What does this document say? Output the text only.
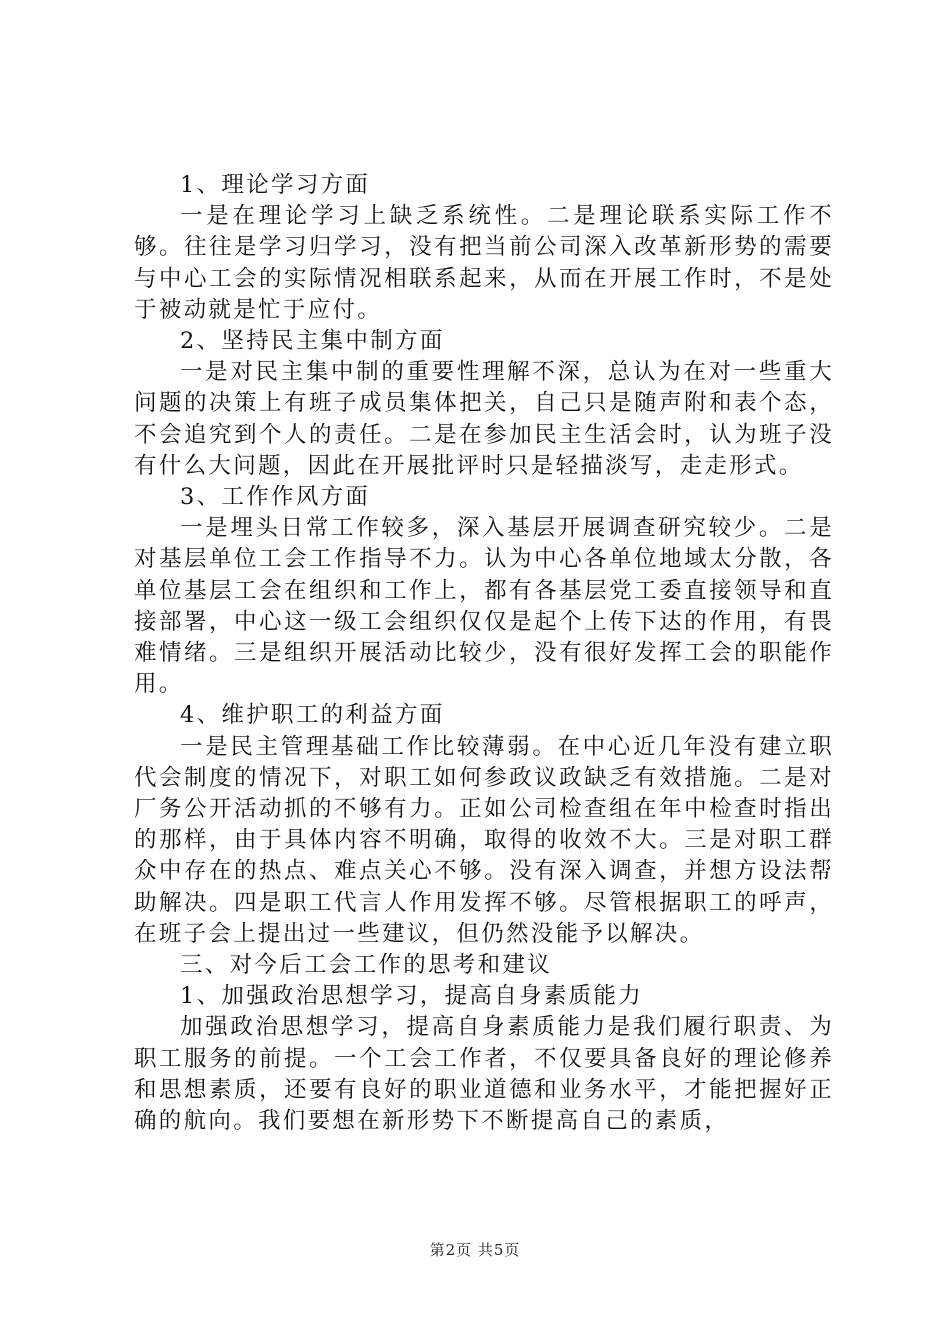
1、理论学习方面

一是在理论学习上缺乏系统性。二是理论联系实际工作不够。往往是学习归学习，没有把当前公司深入改革新形势的需要与中心工会的实际情况相联系起来，从而在开展工作时，不是处于被动就是忙于应付。

2、坚持民主集中制方面

一是对民主集中制的重要性理解不深，总认为在对一些重大问题的决策上有班子成员集体把关，自己只是随声附和表个态，不会追究到个人的责任。二是在参加民主生活会时，认为班子没有什么大问题，因此在开展批评时只是轻描淡写，走走形式。

3、工作作风方面

一是埋头日常工作较多，深入基层开展调查研究较少。二是对基层单位工会工作指导不力。认为中心各单位地域太分散，各单位基层工会在组织和工作上，都有各基层党工委直接领导和直接部署，中心这一级工会组织仅仅是起个上传下达的作用，有畏难情绪。三是组织开展活动比较少，没有很好发挥工会的职能作用。

4、维护职工的利益方面

一是民主管理基础工作比较薄弱。在中心近几年没有建立职代会制度的情况下，对职工如何参政议政缺乏有效措施。二是对厂务公开活动抓的不够有力。正如公司检查组在年中检查时指出的那样，由于具体内容不明确，取得的收效不大。三是对职工群众中存在的热点、难点关心不够。没有深入调查，并想方设法帮助解决。四是职工代言人作用发挥不够。尽管根据职工的呼声，在班子会上提出过一些建议，但仍然没能予以解决。

三、对今后工会工作的思考和建议

1、加强政治思想学习，提高自身素质能力

加强政治思想学习，提高自身素质能力是我们履行职责、为职工服务的前提。一个工会工作者，不仅要具备良好的理论修养和思想素质，还要有良好的职业道德和业务水平，才能把握好正确的航向。我们要想在新形势下不断提高自己的素质，

第2页 共5页
